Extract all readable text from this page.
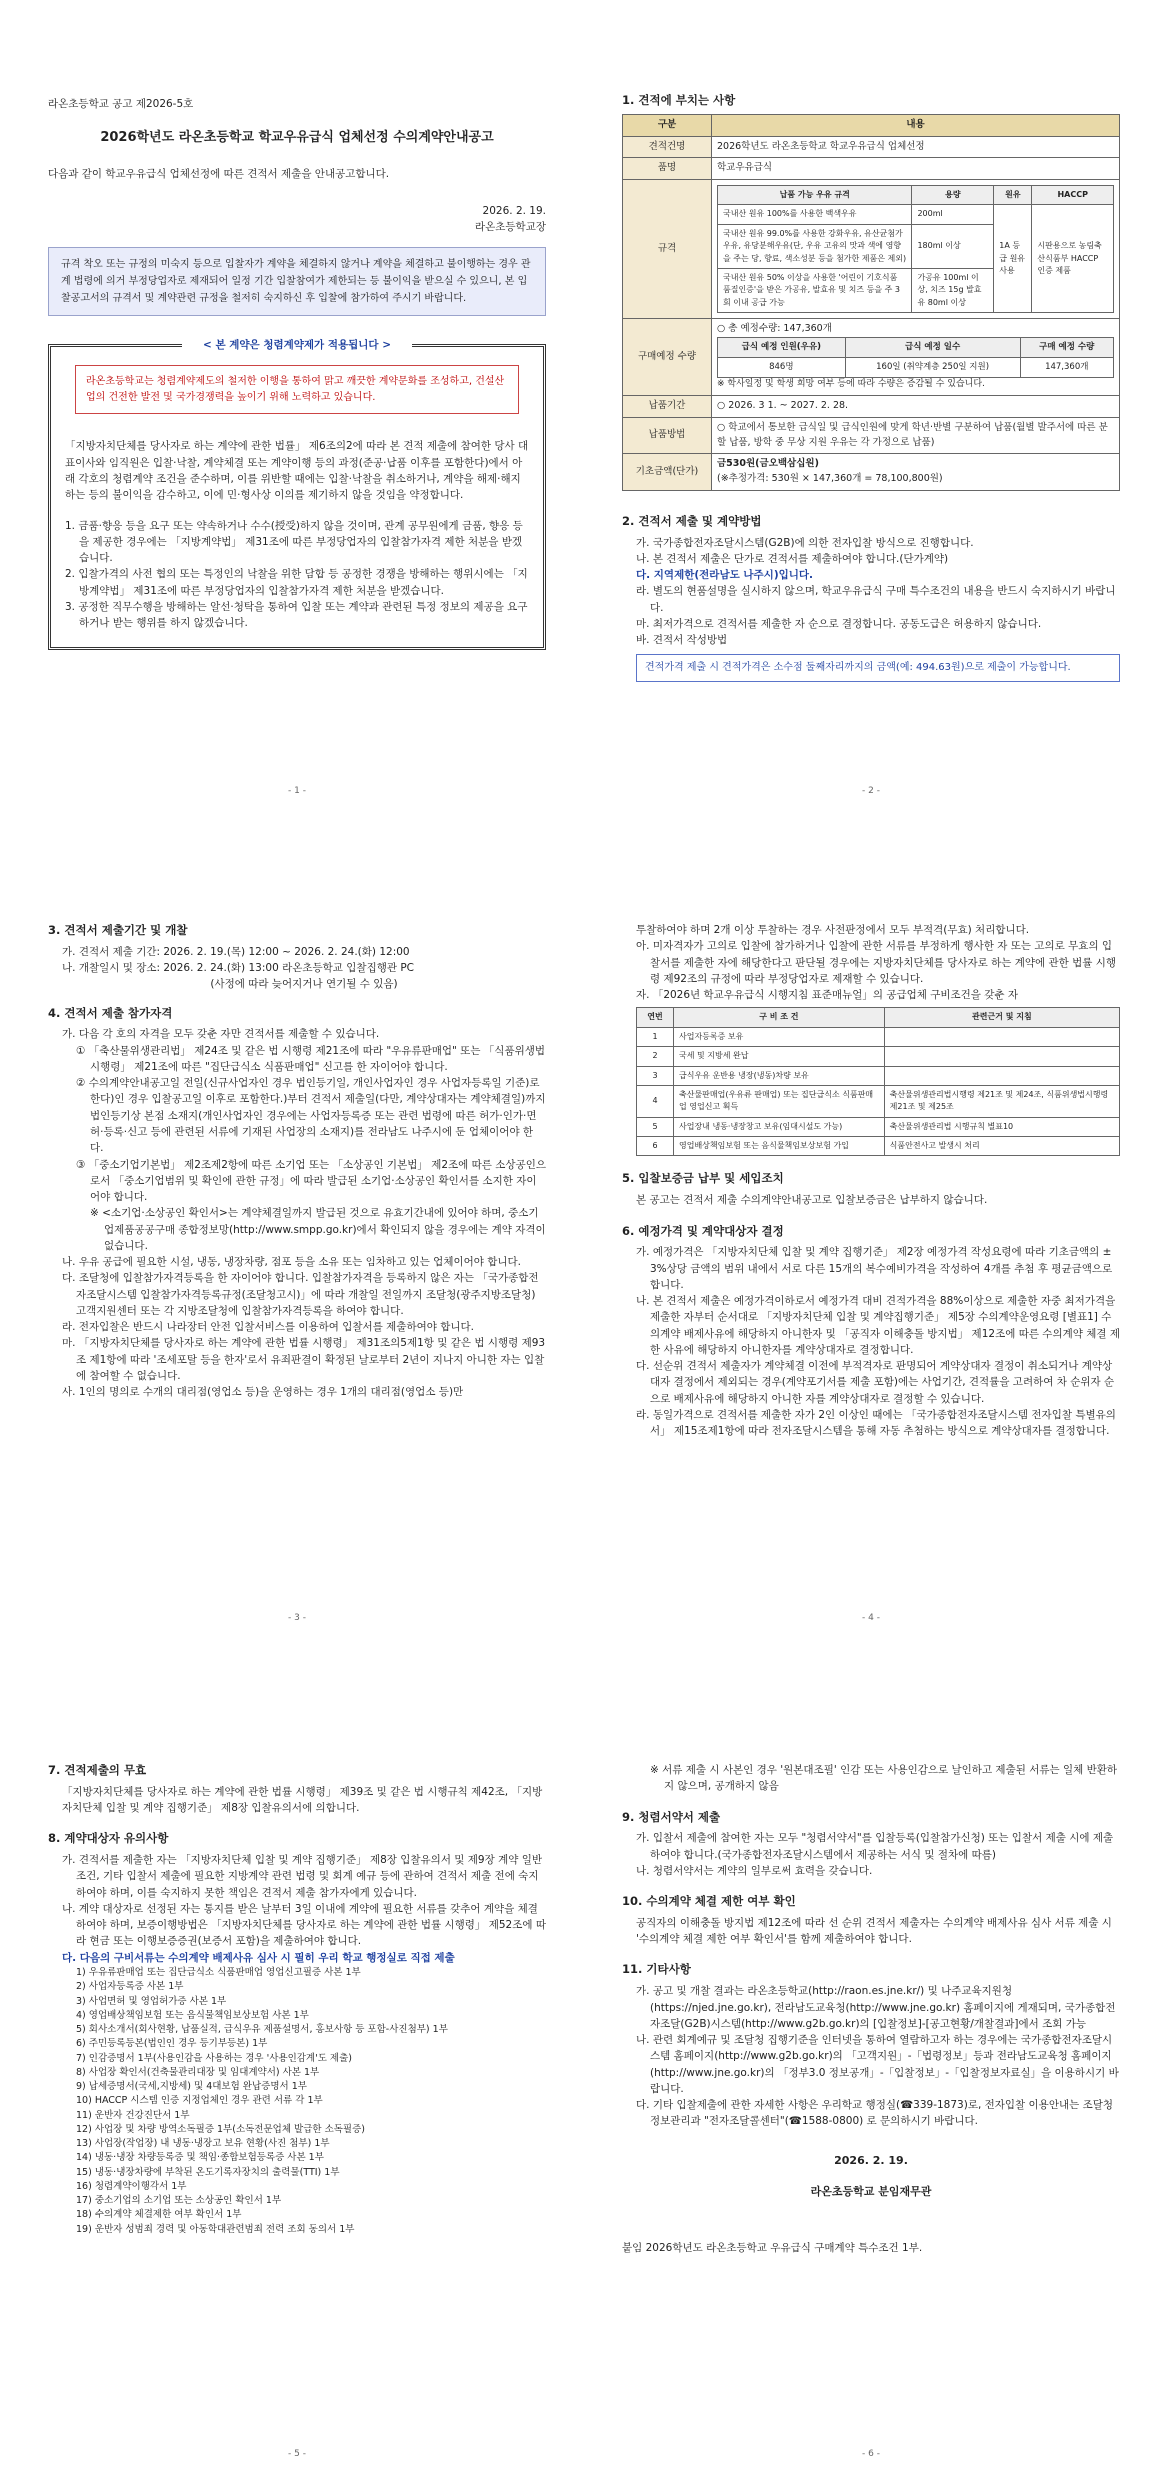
라온초등학교 공고 제2026-5호
2026학년도 라온초등학교 학교우유급식 업체선정 수의계약안내공고
다음과 같이 학교우유급식 업체선정에 따른 견적서 제출을 안내공고합니다.
2026. 2. 19.
라온초등학교장
규격 착오 또는 규정의 미숙지 등으로 입찰자가 계약을 체결하지 않거나 계약을 체결하고 불이행하는 경우 관계 법령에 의거 부정당업자로 제재되어 일정 기간 입찰참여가 제한되는 등 불이익을 받으실 수 있으니, 본 입찰공고서의 규격서 및 계약관련 규정을 철저히 숙지하신 후 입찰에 참가하여 주시기 바랍니다.
< 본 계약은 청렴계약제가 적용됩니다 >
라온초등학교는 청렴계약제도의 철저한 이행을 통하여 맑고 깨끗한 계약문화를 조성하고, 건설산업의 건전한 발전 및 국가경쟁력을 높이기 위해 노력하고 있습니다.
「지방자치단체를 당사자로 하는 계약에 관한 법률」 제6조의2에 따라 본 견적 제출에 참여한 당사 대표이사와 임직원은 입찰·낙찰, 계약체결 또는 계약이행 등의 과정(준공·납품 이후를 포함한다)에서 아래 각호의 청렴계약 조건을 준수하며, 이를 위반할 때에는 입찰·낙찰을 취소하거나, 계약을 해제·해지하는 등의 불이익을 감수하고, 이에 민·형사상 이의를 제기하지 않을 것임을 약정합니다.
1. 금품·향응 등을 요구 또는 약속하거나 수수(授受)하지 않을 것이며, 관계 공무원에게 금품, 향응 등을 제공한 경우에는 「지방계약법」 제31조에 따른 부정당업자의 입찰참가자격 제한 처분을 받겠습니다.
2. 입찰가격의 사전 협의 또는 특정인의 낙찰을 위한 담합 등 공정한 경쟁을 방해하는 행위시에는 「지방계약법」 제31조에 따른 부정당업자의 입찰참가자격 제한 처분을 받겠습니다.
3. 공정한 직무수행을 방해하는 알선·청탁을 통하여 입찰 또는 계약과 관련된 특정 정보의 제공을 요구하거나 받는 행위를 하지 않겠습니다.
- 1 -
1. 견적에 부치는 사항
구분	내용
견적건명	2026학년도 라온초등학교 학교우유급식 업체선정
품명	학교우유급식
규격	
납품 가능 우유 규격	용량	원유	HACCP
국내산 원유 100%를 사용한 백색우유	200ml	1A 등급 원유 사용	시판용으로 농림축산식품부 HACCP 인증 제품
국내산 원유 99.0%를 사용한 강화우유, 유산균첨가우유, 유당분해우유(단, 우유 고유의 맛과 색에 영향을 주는 당, 향료, 색소성분 등을 첨가한 제품은 제외)	180ml 이상
국내산 원유 50% 이상을 사용한 '어린이 기호식품 품질인증'을 받은 가공유, 발효유 및 치즈 등을 주 3회 이내 공급 가능	가공유 100ml 이상, 치즈 15g 발효유 80ml 이상

구매예정 수량	
○ 총 예정수량: 147,360개
급식 예정 인원(우유)	급식 예정 일수	구매 예정 수량
846명	160일 (취약계층 250일 지원)	147,360개
※ 학사일정 및 학생 희망 여부 등에 따라 수량은 증감될 수 있습니다.

납품기간	○ 2026. 3 1. ~ 2027. 2. 28.
납품방법	○ 학교에서 통보한 급식일 및 급식인원에 맞게 학년·반별 구분하여 납품(월별 발주서에 따른 분할 납품, 방학 중 무상 지원 우유는 각 가정으로 납품)
기초금액(단가)	
금530원(금오백삼십원)
(※추정가격: 530원 × 147,360개 = 78,100,800원)
2. 견적서 제출 및 계약방법
가. 국가종합전자조달시스템(G2B)에 의한 전자입찰 방식으로 진행합니다.
나. 본 견적서 제출은 단가로 견적서를 제출하여야 합니다.(단가계약)
다. 지역제한(전라남도 나주시)입니다.
라. 별도의 현품설명을 실시하지 않으며, 학교우유급식 구매 특수조건의 내용을 반드시 숙지하시기 바랍니다.
마. 최저가격으로 견적서를 제출한 자 순으로 결정합니다. 공동도급은 허용하지 않습니다.
바. 견적서 작성방법
견적가격 제출 시 견적가격은 소수점 둘째자리까지의 금액(예: 494.63원)으로 제출이 가능합니다.
- 2 -
3. 견적서 제출기간 및 개찰
가. 견적서 제출 기간: 2026. 2. 19.(목) 12:00 ~ 2026. 2. 24.(화) 12:00
나. 개찰일시 및 장소: 2026. 2. 24.(화) 13:00 라온초등학교 입찰집행관 PC
(사정에 따라 늦어지거나 연기될 수 있음)
4. 견적서 제출 참가자격
가. 다음 각 호의 자격을 모두 갖춘 자만 견적서를 제출할 수 있습니다.
① 「축산물위생관리법」 제24조 및 같은 법 시행령 제21조에 따라 "우유류판매업" 또는 「식품위생법 시행령」 제21조에 따른 "집단급식소 식품판매업" 신고를 한 자이어야 합니다.
② 수의계약안내공고일 전일(신규사업자인 경우 법인등기일, 개인사업자인 경우 사업자등록일 기준)로 한다)인 경우 입찰공고일 이후로 포함한다.)부터 견적서 제출일(다만, 계약상대자는 계약체결일)까지 법인등기상 본점 소재지(개인사업자인 경우에는 사업자등록증 또는 관련 법령에 따른 허가·인가·면허·등록·신고 등에 관련된 서류에 기재된 사업장의 소재지)를 전라남도 나주시에 둔 업체이어야 한다.
③ 「중소기업기본법」 제2조제2항에 따른 소기업 또는 「소상공인 기본법」 제2조에 따른 소상공인으로서 「중소기업범위 및 확인에 관한 규정」에 따라 발급된 소기업·소상공인 확인서를 소지한 자이어야 합니다.
※ <소기업·소상공인 확인서>는 계약체결일까지 발급된 것으로 유효기간내에 있어야 하며, 중소기업제품공공구매 종합정보망(http://www.smpp.go.kr)에서 확인되지 않을 경우에는 계약 자격이 없습니다.
나. 우유 공급에 필요한 시설, 냉동, 냉장차량, 점포 등을 소유 또는 임차하고 있는 업체이어야 합니다.
다. 조달청에 입찰참가자격등록을 한 자이어야 합니다. 입찰참가자격을 등록하지 않은 자는 「국가종합전자조달시스템 입찰참가자격등록규정(조달청고시)」에 따라 개찰일 전일까지 조달청(광주지방조달청) 고객지원센터 또는 각 지방조달청에 입찰참가자격등록을 하여야 합니다.
라. 전자입찰은 반드시 나라장터 안전 입찰서비스를 이용하여 입찰서를 제출하여야 합니다.
마. 「지방자치단체를 당사자로 하는 계약에 관한 법률 시행령」 제31조의5제1항 및 같은 법 시행령 제93조 제1항에 따라 '조세포탈 등을 한자'로서 유죄판결이 확정된 날로부터 2년이 지나지 아니한 자는 입찰에 참여할 수 없습니다.
사. 1인의 명의로 수개의 대리점(영업소 등)을 운영하는 경우 1개의 대리점(영업소 등)만
- 3 -
투찰하여야 하며 2개 이상 투찰하는 경우 사전판정에서 모두 부적격(무효) 처리합니다.
아. 미자격자가 고의로 입찰에 참가하거나 입찰에 관한 서류를 부정하게 행사한 자 또는 고의로 무효의 입찰서를 제출한 자에 해당한다고 판단될 경우에는 지방자치단체를 당사자로 하는 계약에 관한 법률 시행령 제92조의 규정에 따라 부정당업자로 제재할 수 있습니다.
자. 「2026년 학교우유급식 시행지침 표준매뉴얼」의 공급업체 구비조건을 갖춘 자
연번	구 비 조 건	관련근거 및 지침
1	사업자등록증 보유	
2	국세 및 지방세 완납	
3	급식우유 운반용 냉장(냉동)차량 보유	
4	축산물판매업(우유류 판매업) 또는 집단급식소 식품판매업 영업신고 획득	축산물위생관리법시행령 제21조 및 제24조, 식품위생법시행령 제21조 및 제25조
5	사업장내 냉동·냉장창고 보유(임대시설도 가능)	축산물위생관리법 시행규칙 별표10
6	영업배상책임보험 또는 음식물책임보상보험 가입	식품안전사고 발생시 처리
5. 입찰보증금 납부 및 세입조치
본 공고는 견적서 제출 수의계약안내공고로 입찰보증금은 납부하지 않습니다.
6. 예정가격 및 계약대상자 결정
가. 예정가격은 「지방자치단체 입찰 및 계약 집행기준」 제2장 예정가격 작성요령에 따라 기초금액의 ± 3%상당 금액의 범위 내에서 서로 다른 15개의 복수예비가격을 작성하여 4개를 추첨 후 평균금액으로 합니다.
나. 본 견적서 제출은 예정가격이하로서 예정가격 대비 견적가격을 88%이상으로 제출한 자중 최저가격을 제출한 자부터 순서대로 「지방자치단체 입찰 및 계약집행기준」 제5장 수의계약운영요령 [별표1] 수의계약 배제사유에 해당하지 아니한자 및 「공직자 이해충돌 방지법」 제12조에 따른 수의계약 체결 제한 사유에 해당하지 아니한자를 계약상대자로 결정합니다.
다. 선순위 견적서 제출자가 계약체결 이전에 부적격자로 판명되어 계약상대자 결정이 취소되거나 계약상대자 결정에서 제외되는 경우(계약포기서를 제출 포함)에는 사업기간, 견적률을 고려하여 차 순위자 순으로 배제사유에 해당하지 아니한 자를 계약상대자로 결정할 수 있습니다.
라. 동일가격으로 견적서를 제출한 자가 2인 이상인 때에는 「국가종합전자조달시스템 전자입찰 특별유의서」 제15조제1항에 따라 전자조달시스템을 통해 자동 추첨하는 방식으로 계약상대자를 결정합니다.
- 4 -
7. 견적제출의 무효
「지방자치단체를 당사자로 하는 계약에 관한 법률 시행령」 제39조 및 같은 법 시행규칙 제42조, 「지방자치단체 입찰 및 계약 집행기준」 제8장 입찰유의서에 의합니다.
8. 계약대상자 유의사항
가. 견적서를 제출한 자는 「지방자치단체 입찰 및 계약 집행기준」 제8장 입찰유의서 및 제9장 계약 일반조건, 기타 입찰서 제출에 필요한 지방계약 관련 법령 및 회계 예규 등에 관하여 견적서 제출 전에 숙지하여야 하며, 이를 숙지하지 못한 책임은 견적서 제출 참가자에게 있습니다.
나. 계약 대상자로 선정된 자는 통지를 받은 날부터 3일 이내에 계약에 필요한 서류를 갖추어 계약을 체결하여야 하며, 보증이행방법은 「지방자치단체를 당사자로 하는 계약에 관한 법률 시행령」 제52조에 따라 현금 또는 이행보증증권(보증서 포함)을 제출하여야 합니다.
다. 다음의 구비서류는 수의계약 배제사유 심사 시 필히 우리 학교 행정실로 직접 제출
1) 우유류판매업 또는 집단급식소 식품판매업 영업신고필증 사본 1부
2) 사업자등록증 사본 1부
3) 사업면허 및 영업허가증 사본 1부
4) 영업배상책임보험 또는 음식물책임보상보험 사본 1부
5) 회사소개서(회사현황, 납품실적, 급식우유 제품설명서, 홍보사항 등 포함-사진첨부) 1부
6) 주민등록등본(법인인 경우 등기부등본) 1부
7) 인감증명서 1부(사용인감을 사용하는 경우 '사용인감계'도 제출)
8) 사업장 확인서(건축물관리대장 및 임대계약서) 사본 1부
9) 납세증명서(국세,지방세) 및 4대보험 완납증명서 1부
10) HACCP 시스템 인증 지정업체인 경우 관련 서류 각 1부
11) 운반자 건강진단서 1부
12) 사업장 및 차량 방역소독필증 1부(소독전문업체 발급한 소독필증)
13) 사업장(작업장) 내 냉동·냉장고 보유 현황(사진 첨부) 1부
14) 냉동·냉장 차량등록증 및 책임·종합보험등록증 사본 1부
15) 냉동·냉장차량에 부착된 온도기록자장치의 출력물(TTI) 1부
16) 청렴계약이행각서 1부
17) 중소기업의 소기업 또는 소상공인 확인서 1부
18) 수의계약 체결제한 여부 확인서 1부
19) 운반자 성범죄 경력 및 아동학대관련범죄 전력 조회 동의서 1부
- 5 -
※ 서류 제출 시 사본인 경우 '원본대조필' 인감 또는 사용인감으로 날인하고 제출된 서류는 일체 반환하지 않으며, 공개하지 않음
9. 청렴서약서 제출
가. 입찰서 제출에 참여한 자는 모두 "청렴서약서"를 입찰등록(입찰참가신청) 또는 입찰서 제출 시에 제출하여야 합니다.(국가종합전자조달시스템에서 제공하는 서식 및 절차에 따름)
나. 청렴서약서는 계약의 일부로써 효력을 갖습니다.
10. 수의계약 체결 제한 여부 확인
공직자의 이해충돌 방지법 제12조에 따라 선 순위 견적서 제출자는 수의계약 배제사유 심사 서류 제출 시 '수의계약 체결 제한 여부 확인서'를 함께 제출하여야 합니다.
11. 기타사항
가. 공고 및 개찰 결과는 라온초등학교(http://raon.es.jne.kr/) 및 나주교육지원청(https://njed.jne.go.kr), 전라남도교육청(http://www.jne.go.kr) 홈페이지에 게재되며, 국가종합전자조달(G2B)시스템(http://www.g2b.go.kr)의 [입찰정보]-[공고현황/개찰결과]에서 조회 가능
나. 관련 회계예규 및 조달청 집행기준을 인터넷을 통하여 열람하고자 하는 경우에는 국가종합전자조달시스템 홈페이지(http://www.g2b.go.kr)의 「고객지원」-「법령정보」등과 전라남도교육청 홈페이지(http://www.jne.go.kr)의 「정부3.0 정보공개」-「입찰정보」-「입찰정보자료실」을 이용하시기 바랍니다.
다. 기타 입찰제출에 관한 자세한 사항은 우리학교 행정실(☎339-1873)로, 전자입찰 이용안내는 조달청 정보관리과 "전자조달콜센터"(☎1588-0800) 로 문의하시기 바랍니다.
2026. 2. 19.
라온초등학교 분임재무관
붙임 2026학년도 라온초등학교 우유급식 구매계약 특수조건 1부.
- 6 -
